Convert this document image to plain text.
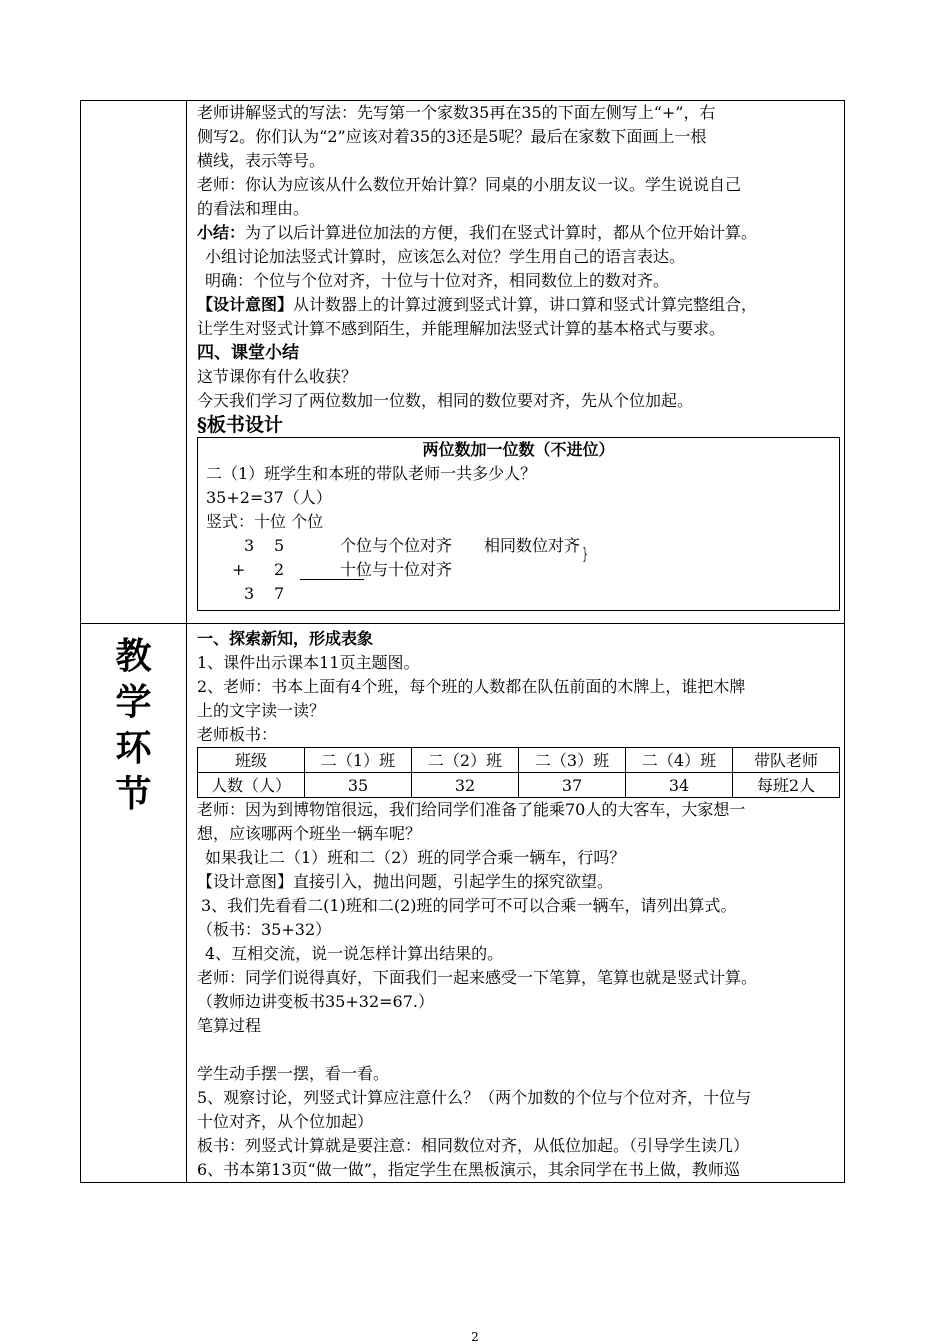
老师讲解竖式的写法：先写第一个家数35再在35的下面左侧写上“+”，右

侧写2。你们认为“2”应该对着35的3还是5呢？最后在家数下面画上一根

横线，表示等号。

老师：你认为应该从什么数位开始计算？同桌的小朋友议一议。学生说说自己

的看法和理由。

小结：为了以后计算进位加法的方便，我们在竖式计算时，都从个位开始计算。

小组讨论加法竖式计算时，应该怎么对位？学生用自己的语言表达。

明确：个位与个位对齐，十位与十位对齐，相同数位上的数对齐。

【设计意图】从计数器上的计算过渡到竖式计算，讲口算和竖式计算完整组合，

让学生对竖式计算不感到陌生，并能理解加法竖式计算的基本格式与要求。

四、课堂小结

这节课你有什么收获？

今天我们学习了两位数加一位数，相同的数位要对齐，先从个位加起。

§板书设计

两位数加一位数（不进位）

二（1）班学生和本班的带队老师一共多少人？

35+2=37（人）

竖式：十位 个位

3 5	个位与个位对齐 相同数位对齐 }
+ 2	十位与十位对齐
3 7

教
学
环
节

一、探索新知，形成表象

1、课件出示课本11页主题图。

2、老师：书本上面有4个班，每个班的人数都在队伍前面的木牌上，谁把木牌

上的文字读一读？

老师板书：

班级	二（1）班	二（2）班	二（3）班	二（4）班	带队老师
人数（人）	35	32	37	34	每班2人

老师：因为到博物馆很远，我们给同学们准备了能乘70人的大客车，大家想一

想，应该哪两个班坐一辆车呢？

如果我让二（1）班和二（2）班的同学合乘一辆车，行吗？

【设计意图】直接引入，抛出问题，引起学生的探究欲望。

3、我们先看看二(1)班和二(2)班的同学可不可以合乘一辆车，请列出算式。

（板书：35+32）

4、互相交流，说一说怎样计算出结果的。

老师：同学们说得真好，下面我们一起来感受一下笔算，笔算也就是竖式计算。

（教师边讲变板书35+32=67.）

笔算过程

学生动手摆一摆，看一看。

5、观察讨论，列竖式计算应注意什么？（两个加数的个位与个位对齐，十位与

十位对齐，从个位加起）

板书：列竖式计算就是要注意：相同数位对齐，从低位加起。（引导学生读几）

6、书本第13页“做一做”，指定学生在黑板演示，其余同学在书上做，教师巡

2
